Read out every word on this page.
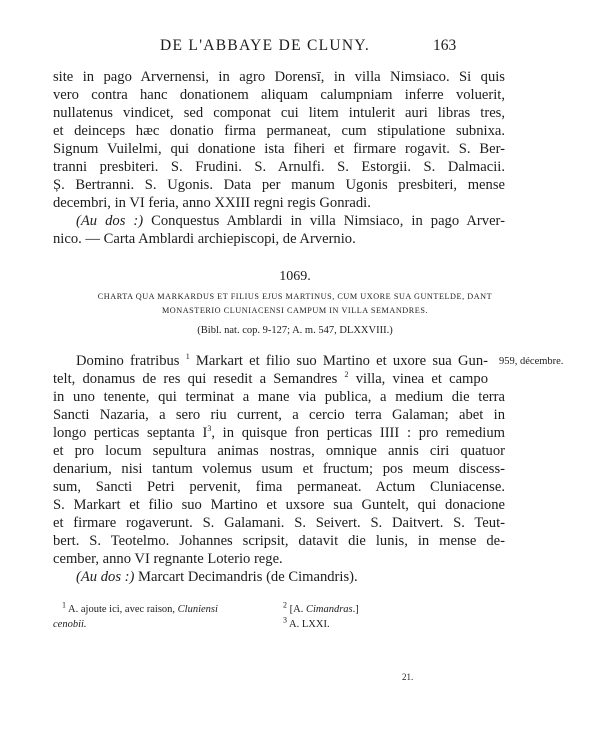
DE L'ABBAYE DE CLUNY.	163
site in pago Arvernensi, in agro Dorensī, in villa Nimsiaco. Si quis
vero contra hanc donationem aliquam calumpniam inferre voluerit,
nullatenus vindicet, sed componat cui litem intulerit auri libras tres,
et deinceps hæc donatio firma permaneat, cum stipulatione subnixa.
Signum Vuilelmi, qui donatione ista fiheri et firmare rogavit. S. Ber-
tranni presbiteri. S. Frudini. S. Arnulfi. S. Estorgii. S. Dalmacii.
Ș. Bertranni. S. Ugonis. Data per manum Ugonis presbiteri, mense
decembri, in VI feria, anno XXIII regni regis Gonradi.
(Au dos :) Conquestus Amblardi in villa Nimsiaco, in pago Arver-
nico. — Carta Amblardi archiepiscopi, de Arvernio.
1069.
CHARTA QUA MARKARDUS ET FILIUS EJUS MARTINUS, CUM UXORE SUA GUNTELDE, DANT
MONASTERIO CLUNIACENSI CAMPUM IN VILLA SEMANDRES.
(Bibl. nat. cop. 9-127; A. m. 547, DLXXVIII.)
959, décembre.
Domino fratribus $^1$ Markart et filio suo Martino et uxore sua Gun-
telt, donamus de res qui resedit a Semandres $^2$ villa, vinea et campo
in uno tenente, qui terminat a mane via publica, a medium die terra
Sancti Nazaria, a sero riu current, a cercio terra Galaman; abet in
longo perticas septanta $I^3$, in quisque fron perticas IIII : pro remedium
et pro locum sepultura animas nostras, omnique annis ciri quatuor
denarium, nisi tantum volemus usum et fructum; pos meum discess-
sum, Sancti Petri pervenit, fima permaneat. Actum Cluniacense.
S. Markart et filio suo Martino et uxsore sua Guntelt, qui donacione
et firmare rogaverunt. S. Galamani. S. Seivert. S. Daitvert. S. Teut-
bert. S. Teotelmo. Johannes scripsit, datavit die lunis, in mense de-
cember, anno VI regnante Loterio rege.
(Au dos :) Marcart Decimandris (de Cimandris).
$^1$ A. ajoute ici, avec raison, Cluniensi
cenobii.
$^2$ [A. Cimandras.]
$^3$ A. LXXI.
21.
